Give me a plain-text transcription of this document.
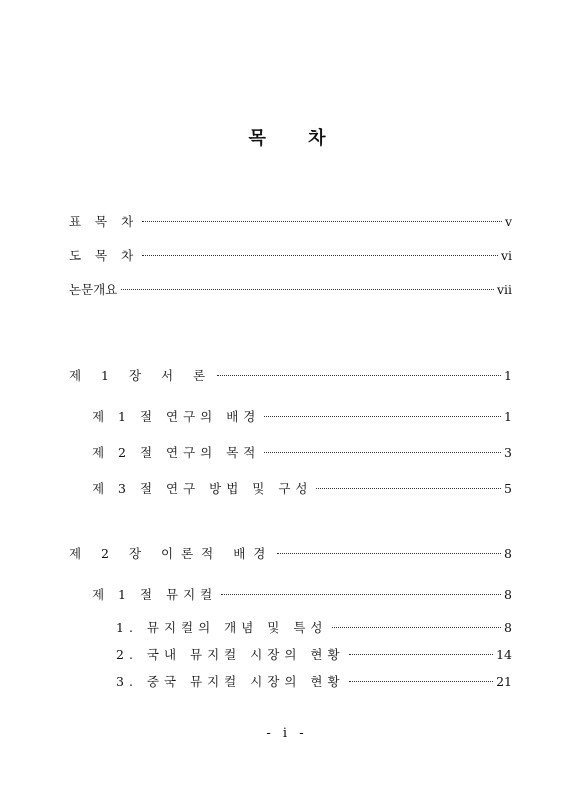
목 차
표 목 차	v
도 목 차	vi
논문개요	vii
제 1 장 서 론	1
제 1 절 연구의 배경	1
제 2 절 연구의 목적	3
제 3 절 연구 방법 및 구성	5
제 2 장 이론적 배경	8
제 1 절 뮤지컬	8
1. 뮤지컬의 개념 및 특성	8
2. 국내 뮤지컬 시장의 현황	14
3. 중국 뮤지컬 시장의 현황	21
- i -
